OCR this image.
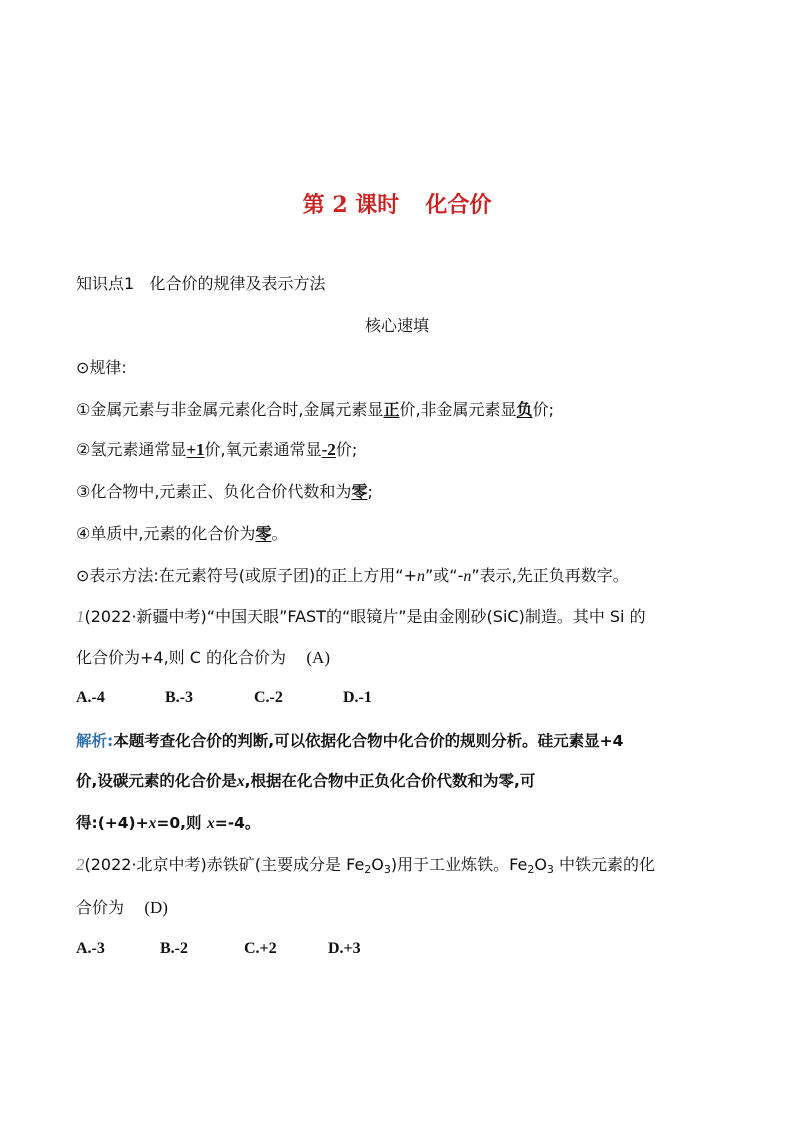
第 2 课时 化合价
知识点1 化合价的规律及表示方法
核心速填
⊙规律:
①金属元素与非金属元素化合时,金属元素显正价,非金属元素显负价;
②氢元素通常显+1价,氧元素通常显-2价;
③化合物中,元素正、负化合价代数和为零;
④单质中,元素的化合价为零。
⊙表示方法:在元素符号(或原子团)的正上方用“+n”或“-n”表示,先正负再数字。
1(2022·新疆中考)“中国天眼”FAST的“眼镜片”是由金刚砂(SiC)制造。其中 Si 的
化合价为+4,则 C 的化合价为 (A)
A.-4	B.-3	C.-2	D.-1
解析:本题考查化合价的判断,可以依据化合物中化合价的规则分析。硅元素显+4
价,设碳元素的化合价是x,根据在化合物中正负化合价代数和为零,可
得:(+4)+x=0,则 x=-4。
2(2022·北京中考)赤铁矿(主要成分是 $Fe_2O_3$)用于工业炼铁。$Fe_2O_3$ 中铁元素的化
合价为 (D)
A.-3	B.-2	C.+2	D.+3
